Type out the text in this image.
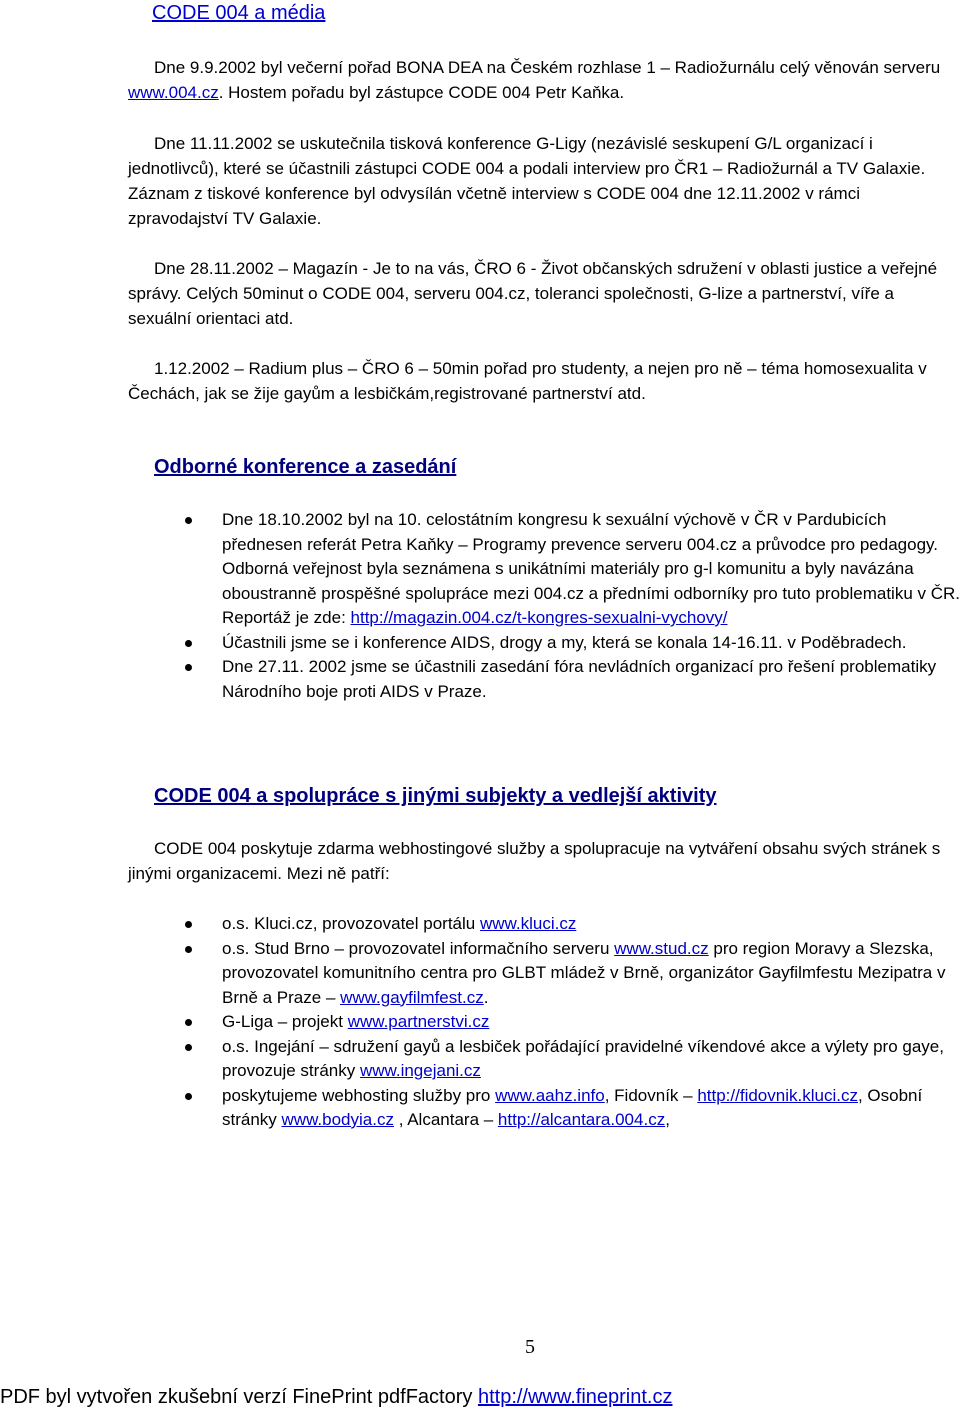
CODE 004 a média
Dne 9.9.2002 byl večerní pořad BONA DEA na Českém rozhlase 1 – Radiožurnálu celý věnován serveru www.004.cz. Hostem pořadu byl zástupce CODE 004 Petr Kaňka.
Dne 11.11.2002 se uskutečnila tisková konference G-Ligy (nezávislé seskupení G/L organizací i jednotlivců), které se účastnili zástupci CODE 004 a podali interview pro ČR1 – Radiožurnál a TV Galaxie. Záznam z tiskové konference byl odvysílán včetně interview s CODE 004 dne 12.11.2002 v rámci zpravodajství TV Galaxie.
Dne 28.11.2002 – Magazín - Je to na vás, ČRO 6 - Život občanských sdružení v oblasti justice a veřejné správy. Celých 50minut o CODE 004, serveru 004.cz, toleranci společnosti, G-lize a partnerství, víře a sexuální orientaci atd.
1.12.2002 – Radium plus – ČRO 6 – 50min pořad pro studenty, a nejen pro ně – téma homosexualita v Čechách, jak se žije gayům a lesbičkám,registrované partnerství atd.
Odborné konference a zasedání
Dne 18.10.2002 byl na 10. celostátním kongresu k sexuální výchově v ČR v Pardubicích přednesen referát Petra Kaňky – Programy prevence serveru 004.cz a průvodce pro pedagogy. Odborná veřejnost byla seznámena s unikátními materiály pro g-l komunitu a byly navázána oboustranně prospěšné spolupráce mezi 004.cz a předními odborníky pro tuto problematiku v ČR. Reportáž je zde: http://magazin.004.cz/t-kongres-sexualni-vychovy/
Účastnili jsme se i konference AIDS, drogy a my, která se konala 14-16.11. v Poděbradech.
Dne 27.11. 2002 jsme se účastnili zasedání fóra nevládních organizací pro řešení problematiky Národního boje proti AIDS v Praze.
CODE 004 a spolupráce s jinými subjekty a vedlejší aktivity
CODE 004 poskytuje zdarma webhostingové služby a spolupracuje na vytváření obsahu svých stránek s jinými organizacemi. Mezi ně patří:
o.s. Kluci.cz, provozovatel portálu www.kluci.cz
o.s. Stud Brno – provozovatel informačního serveru www.stud.cz pro region Moravy a Slezska, provozovatel komunitního centra pro GLBT mládež v Brně, organizátor Gayfilmfestu Mezipatra v Brně a Praze – www.gayfilmfest.cz.
G-Liga – projekt www.partnerstvi.cz
o.s. Ingejání – sdružení gayů a lesbiček pořádající pravidelné víkendové akce a výlety pro gaye, provozuje stránky www.ingejani.cz
poskytujeme webhosting služby pro www.aahz.info, Fidovník – http://fidovnik.kluci.cz, Osobní stránky www.bodyia.cz , Alcantara – http://alcantara.004.cz,
5
PDF byl vytvořen zkušební verzí FinePrint pdfFactory http://www.fineprint.cz
